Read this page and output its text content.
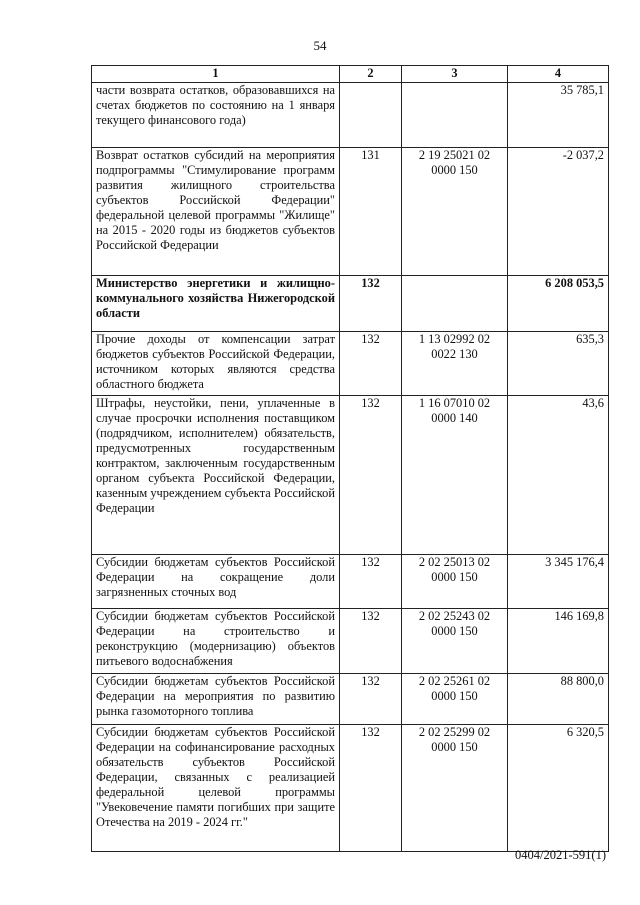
54
1	2	3	4
части возврата остатков, образовавшихся на счетах бюджетов по состоянию на 1 января текущего финансового года)			35 785,1
Возврат остатков субсидий на мероприятия подпрограммы "Стимулирование программ развития жилищного строительства субъектов Российской Федерации" федеральной целевой программы "Жилище" на 2015 - 2020 годы из бюджетов субъектов Российской Федерации	131	2 19 25021 02 0000 150	-2 037,2
Министерство энергетики и жилищно-коммунального хозяйства Нижегородской области	132		6 208 053,5
Прочие доходы от компенсации затрат бюджетов субъектов Российской Федерации, источником которых являются средства областного бюджета	132	1 13 02992 02 0022 130	635,3
Штрафы, неустойки, пени, уплаченные в случае просрочки исполнения поставщиком (подрядчиком, исполнителем) обязательств, предусмотренных государственным контрактом, заключенным государственным органом субъекта Российской Федерации, казенным учреждением субъекта Российской Федерации	132	1 16 07010 02 0000 140	43,6
Субсидии бюджетам субъектов Российской Федерации на сокращение доли загрязненных сточных вод	132	2 02 25013 02 0000 150	3 345 176,4
Субсидии бюджетам субъектов Российской Федерации на строительство и реконструкцию (модернизацию) объектов питьевого водоснабжения	132	2 02 25243 02 0000 150	146 169,8
Субсидии бюджетам субъектов Российской Федерации на мероприятия по развитию рынка газомоторного топлива	132	2 02 25261 02 0000 150	88 800,0
Субсидии бюджетам субъектов Российской Федерации на софинансирование расходных обязательств субъектов Российской Федерации, связанных с реализацией федеральной целевой программы "Увековечение памяти погибших при защите Отечества на 2019 - 2024 гг."	132	2 02 25299 02 0000 150	6 320,5
0404/2021-591(1)
